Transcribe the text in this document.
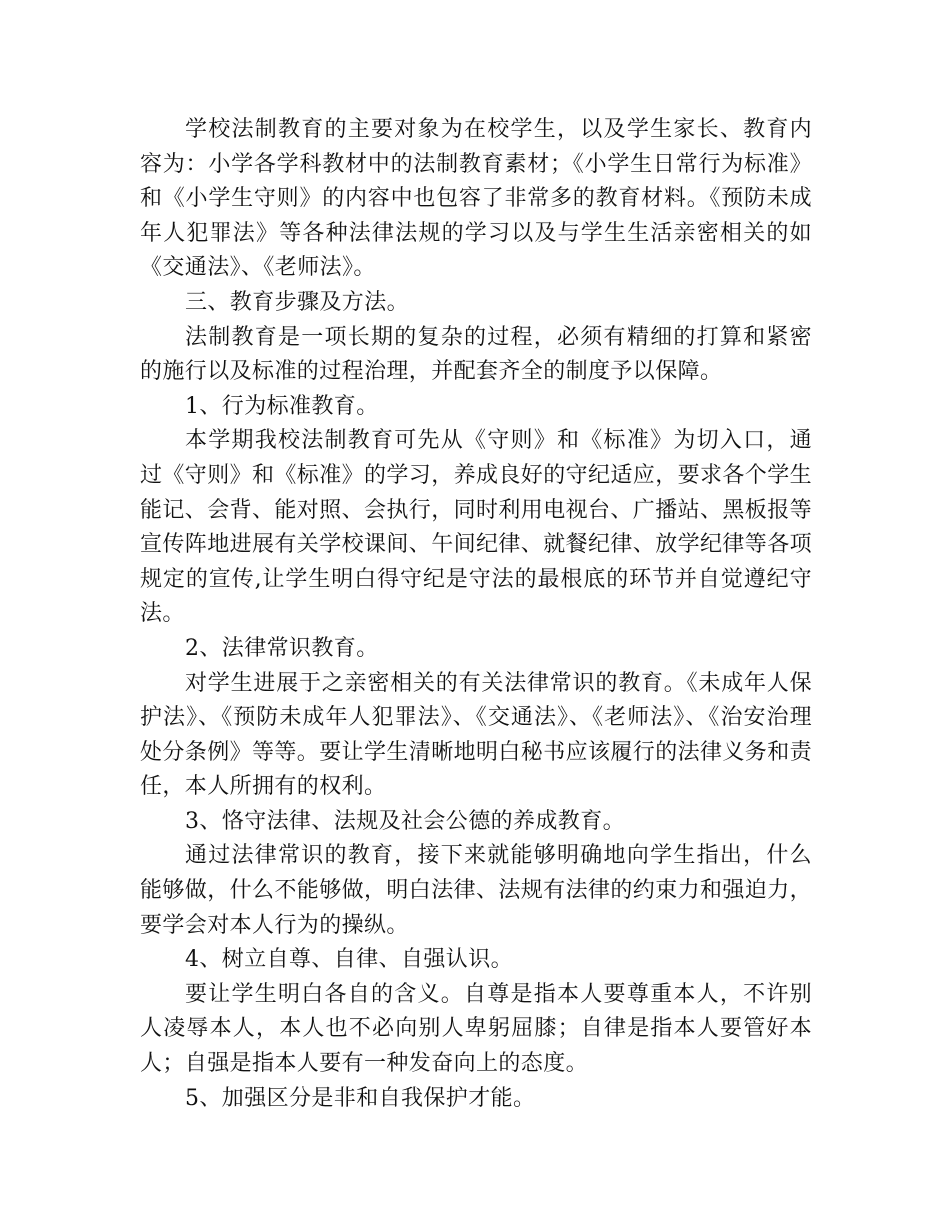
学校法制教育的主要对象为在校学生，以及学生家长、教育内容为：小学各学科教材中的法制教育素材；《小学生日常行为标准》和《小学生守则》的内容中也包容了非常多的教育材料。《预防未成年人犯罪法》等各种法律法规的学习以及与学生生活亲密相关的如《交通法》、《老师法》。

三、教育步骤及方法。

法制教育是一项长期的复杂的过程，必须有精细的打算和紧密的施行以及标准的过程治理，并配套齐全的制度予以保障。

1、行为标准教育。

本学期我校法制教育可先从《守则》和《标准》为切入口，通过《守则》和《标准》的学习，养成良好的守纪适应，要求各个学生能记、会背、能对照、会执行，同时利用电视台、广播站、黑板报等宣传阵地进展有关学校课间、午间纪律、就餐纪律、放学纪律等各项规定的宣传,让学生明白得守纪是守法的最根底的环节并自觉遵纪守法。

2、法律常识教育。

对学生进展于之亲密相关的有关法律常识的教育。《未成年人保护法》、《预防未成年人犯罪法》、《交通法》、《老师法》、《治安治理处分条例》等等。要让学生清晰地明白秘书应该履行的法律义务和责任，本人所拥有的权利。

3、恪守法律、法规及社会公德的养成教育。

通过法律常识的教育，接下来就能够明确地向学生指出，什么能够做，什么不能够做，明白法律、法规有法律的约束力和强迫力，要学会对本人行为的操纵。

4、树立自尊、自律、自强认识。

要让学生明白各自的含义。自尊是指本人要尊重本人，不许别人凌辱本人，本人也不必向别人卑躬屈膝；自律是指本人要管好本人；自强是指本人要有一种发奋向上的态度。

5、加强区分是非和自我保护才能。
